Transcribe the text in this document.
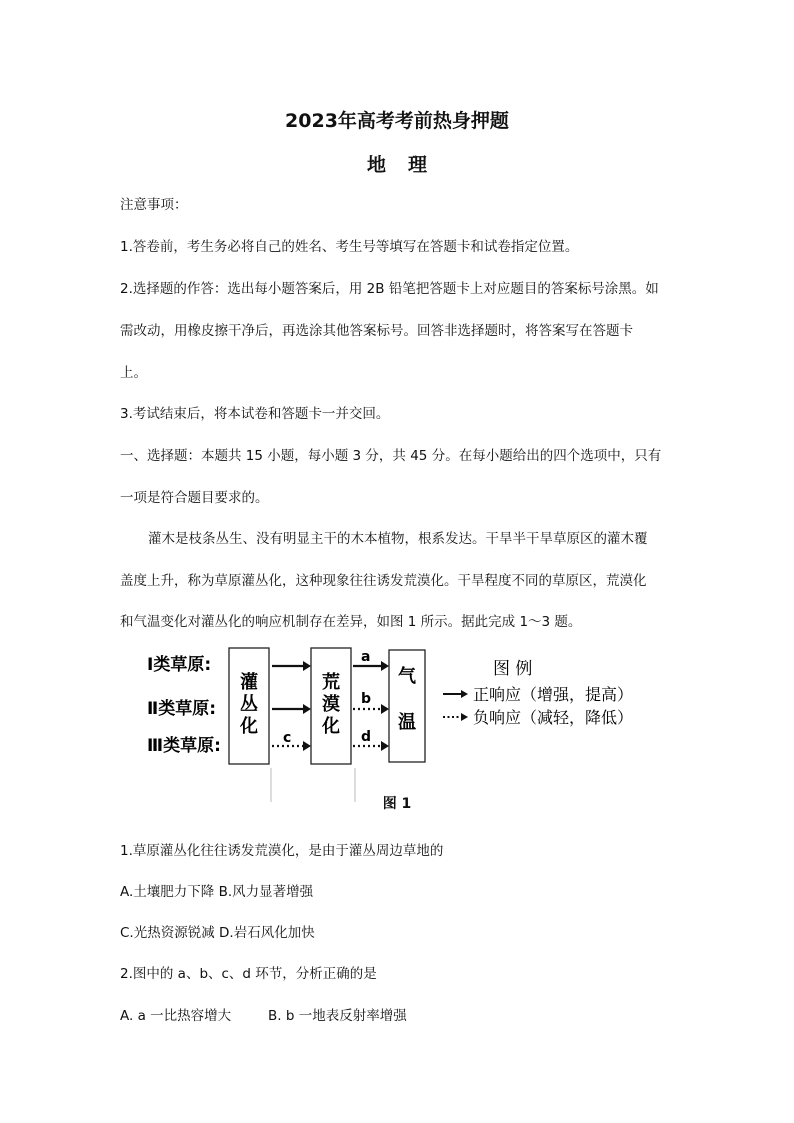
2023年高考考前热身押题
地理
注意事项：
1.答卷前，考生务必将自己的姓名、考生号等填写在答题卡和试卷指定位置。
2.选择题的作答：选出每小题答案后，用 2B 铅笔把答题卡上对应题目的答案标号涂黑。如
需改动，用橡皮擦干净后，再选涂其他答案标号。回答非选择题时，将答案写在答题卡
上。
3.考试结束后，将本试卷和答题卡一并交回。
一、选择题：本题共 15 小题，每小题 3 分，共 45 分。在每小题给出的四个选项中，只有
一项是符合题目要求的。
灌木是枝条丛生、没有明显主干的木本植物，根系发达。干旱半干旱草原区的灌木覆
盖度上升，称为草原灌丛化，这种现象往往诱发荒漠化。干旱程度不同的草原区，荒漠化
和气温变化对灌丛化的响应机制存在差异，如图 1 所示。据此完成 1～3 题。
Ⅰ类草原:
Ⅱ类草原:
Ⅲ类草原:
灌
丛
化
荒
漠
化
气
温
c
a
b
d
图 例
正响应（增强，提高）
负响应（减轻，降低）
图 1
1.草原灌丛化往往诱发荒漠化，是由于灌丛周边草地的
A.土壤肥力下降 B.风力显著增强
C.光热资源锐减 D.岩石风化加快
2.图中的 a、b、c、d 环节，分析正确的是
A. a 一比热容增大	B. b 一地表反射率增强
